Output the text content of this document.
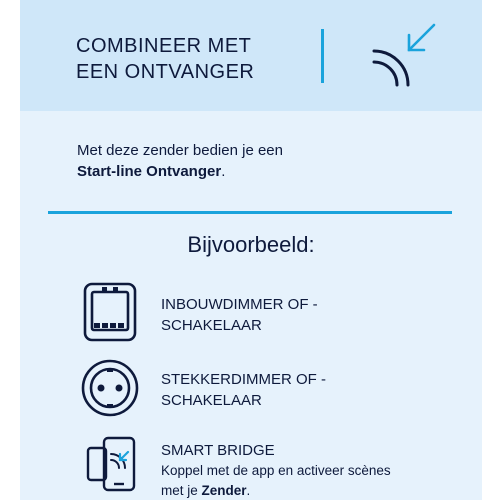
COMBINEER MET
EEN ONTVANGER
Met deze zender bedien je een
Start-line Ontvanger.
Bijvoorbeeld:
INBOUWDIMMER OF -
SCHAKELAAR
STEKKERDIMMER OF -
SCHAKELAAR
SMART BRIDGE
Koppel met de app en activeer scènes
met je Zender.
